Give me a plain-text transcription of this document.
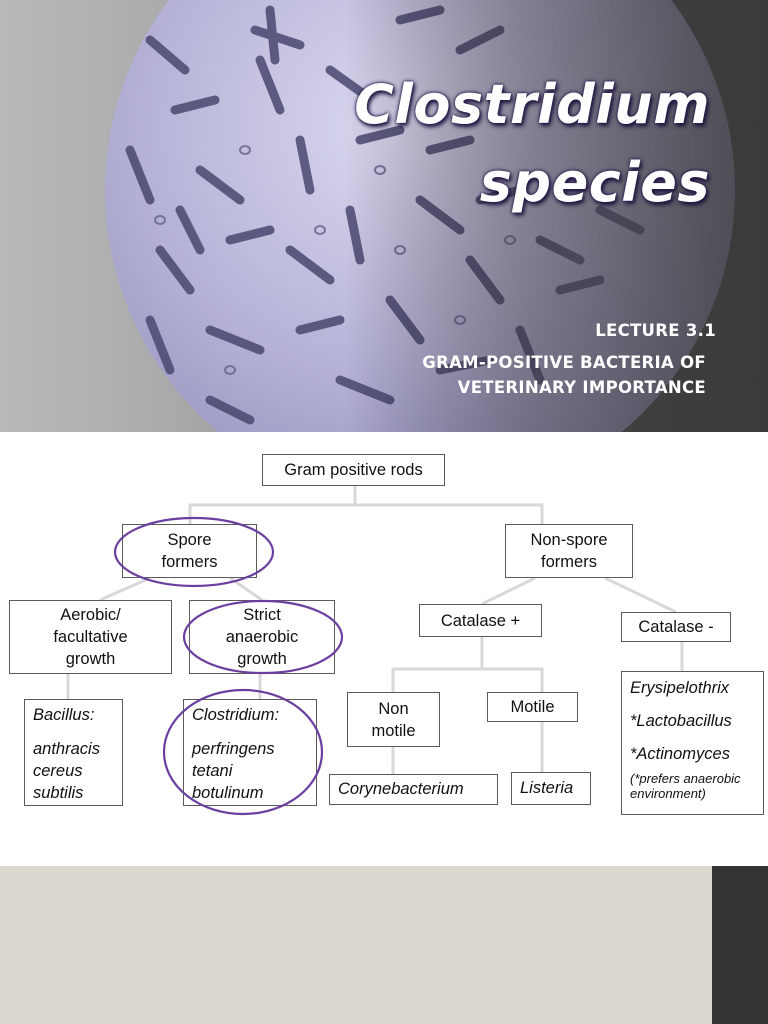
Clostridium
species
LECTURE 3.1
GRAM-POSITIVE BACTERIA OF
VETERINARY IMPORTANCE
Gram positive rods
Spore
formers
Non-spore
formers
Aerobic/
facultative
growth
Strict
anaerobic
growth
Catalase +	Catalase -
Bacillus:
anthracis
cereus
subtilis
Clostridium:
perfringens
tetani
botulinum
Non
motile
Motile
Corynebacterium	Listeria
Erysipelothrix
*Lactobacillus
*Actinomyces
(*prefers anaerobic
environment)
